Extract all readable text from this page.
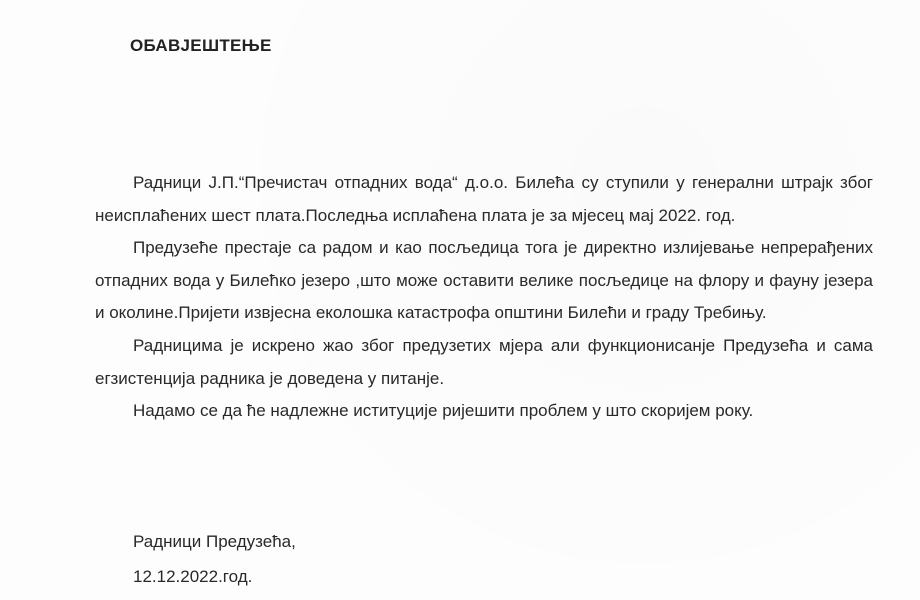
ОБАВЈЕШТЕЊЕ

Радници Ј.П.“Пречистач отпадних вода“ д.о.о. Билећа су ступили у генерални штрајк због неисплаћених шест плата.Последња исплаћена плата је за мјесец мај 2022. год.

Предузеће престаје са радом и као посљедица тога је директно излијевање непрерађених отпадних вода у Билећко језеро ,што може оставити велике посљедице на флору и фауну језера и околине.Пријети извјесна еколошка катастрофа општини Билећи и граду Требињу.

Радницима је искрено жао због предузетих мјера али функционисанје Предузећа и сама егзистенција радника је доведена у питанје.

Надамо се да ће надлежне иституције ријешити проблем у што скоријем року.

Радници Предузећа,
12.12.2022.год.
